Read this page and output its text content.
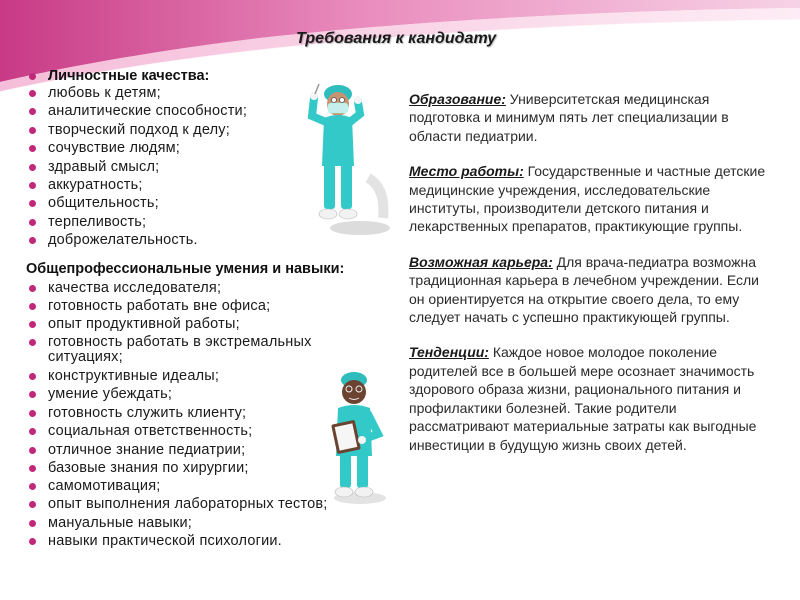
Требования к кандидату
Личностные качества:
любовь к детям;
аналитические способности;
творческий подход к делу;
сочувствие людям;
здравый смысл;
аккуратность;
общительность;
терпеливость;
доброжелательность.
Общепрофессиональные умения и навыки:
качества исследователя;
готовность работать вне офиса;
опыт продуктивной работы;
готовность работать в экстремальных ситуациях;
конструктивные идеалы;
умение убеждать;
готовность служить клиенту;
социальная ответственность;
отличное знание педиатрии;
базовые знания по хирургии;
самомотивация;
опыт выполнения лабораторных тестов;
мануальные навыки;
навыки практической психологии.

Образование: Университетская медицинская подготовка и минимум пять лет специализации в области педиатрии.

Место работы: Государственные и частные детские медицинские учреждения, исследовательские институты, производители детского питания и лекарственных препаратов, практикующие группы.

Возможная карьера: Для врача-педиатра возможна традиционная карьера в лечебном учреждении. Если он ориентируется на открытие своего дела, то ему следует начать с успешно практикующей группы.

Тенденции: Каждое новое молодое поколение родителей все в большей мере осознает значимость здорового образа жизни, рационального питания и профилактики болезней. Такие родители рассматривают материальные затраты как выгодные инвестиции в будущую жизнь своих детей.
